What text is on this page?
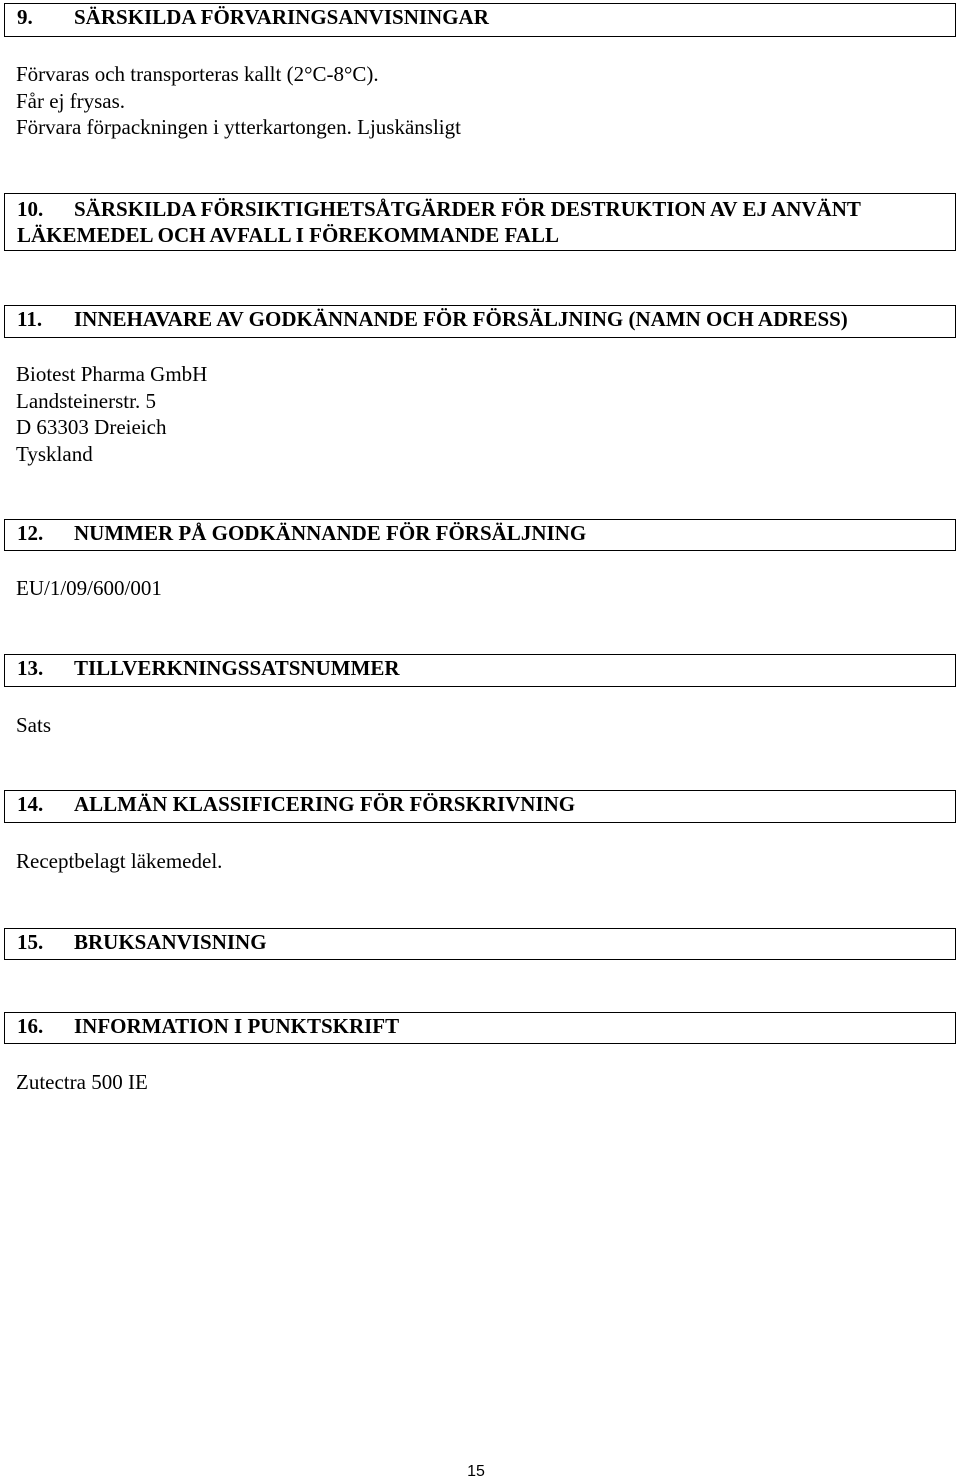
9. SÄRSKILDA FÖRVARINGSANVISNINGAR
Förvaras och transporteras kallt (2°C-8°C).
Får ej frysas.
Förvara förpackningen i ytterkartongen. Ljuskänsligt
10. SÄRSKILDA FÖRSIKTIGHETSÅTGÄRDER FÖR DESTRUKTION AV EJ ANVÄNT
LÄKEMEDEL OCH AVFALL I FÖREKOMMANDE FALL
11. INNEHAVARE AV GODKÄNNANDE FÖR FÖRSÄLJNING (NAMN OCH ADRESS)
Biotest Pharma GmbH
Landsteinerstr. 5
D 63303 Dreieich
Tyskland
12. NUMMER PÅ GODKÄNNANDE FÖR FÖRSÄLJNING
EU/1/09/600/001
13. TILLVERKNINGSSATSNUMMER
Sats
14. ALLMÄN KLASSIFICERING FÖR FÖRSKRIVNING
Receptbelagt läkemedel.
15. BRUKSANVISNING
16. INFORMATION I PUNKTSKRIFT
Zutectra 500 IE
15
